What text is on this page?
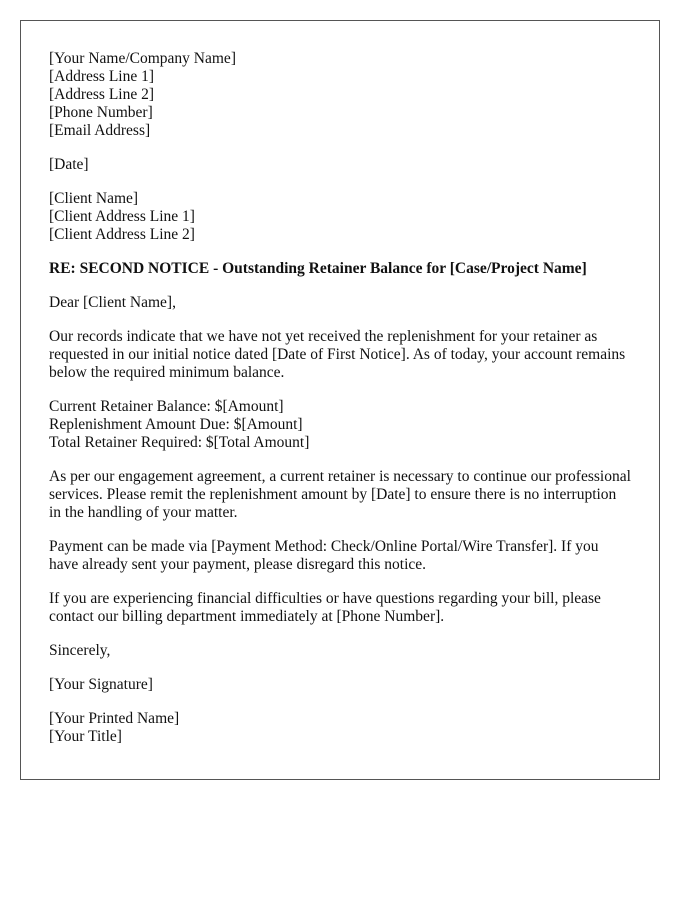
[Your Name/Company Name]
[Address Line 1]
[Address Line 2]
[Phone Number]
[Email Address]
[Date]
[Client Name]
[Client Address Line 1]
[Client Address Line 2]
RE: SECOND NOTICE - Outstanding Retainer Balance for [Case/Project Name]
Dear [Client Name],
Our records indicate that we have not yet received the replenishment for your retainer as requested in our initial notice dated [Date of First Notice]. As of today, your account remains below the required minimum balance.
Current Retainer Balance: $[Amount]
Replenishment Amount Due: $[Amount]
Total Retainer Required: $[Total Amount]
As per our engagement agreement, a current retainer is necessary to continue our professional services. Please remit the replenishment amount by [Date] to ensure there is no interruption in the handling of your matter.
Payment can be made via [Payment Method: Check/Online Portal/Wire Transfer]. If you have already sent your payment, please disregard this notice.
If you are experiencing financial difficulties or have questions regarding your bill, please contact our billing department immediately at [Phone Number].
Sincerely,
[Your Signature]
[Your Printed Name]
[Your Title]
